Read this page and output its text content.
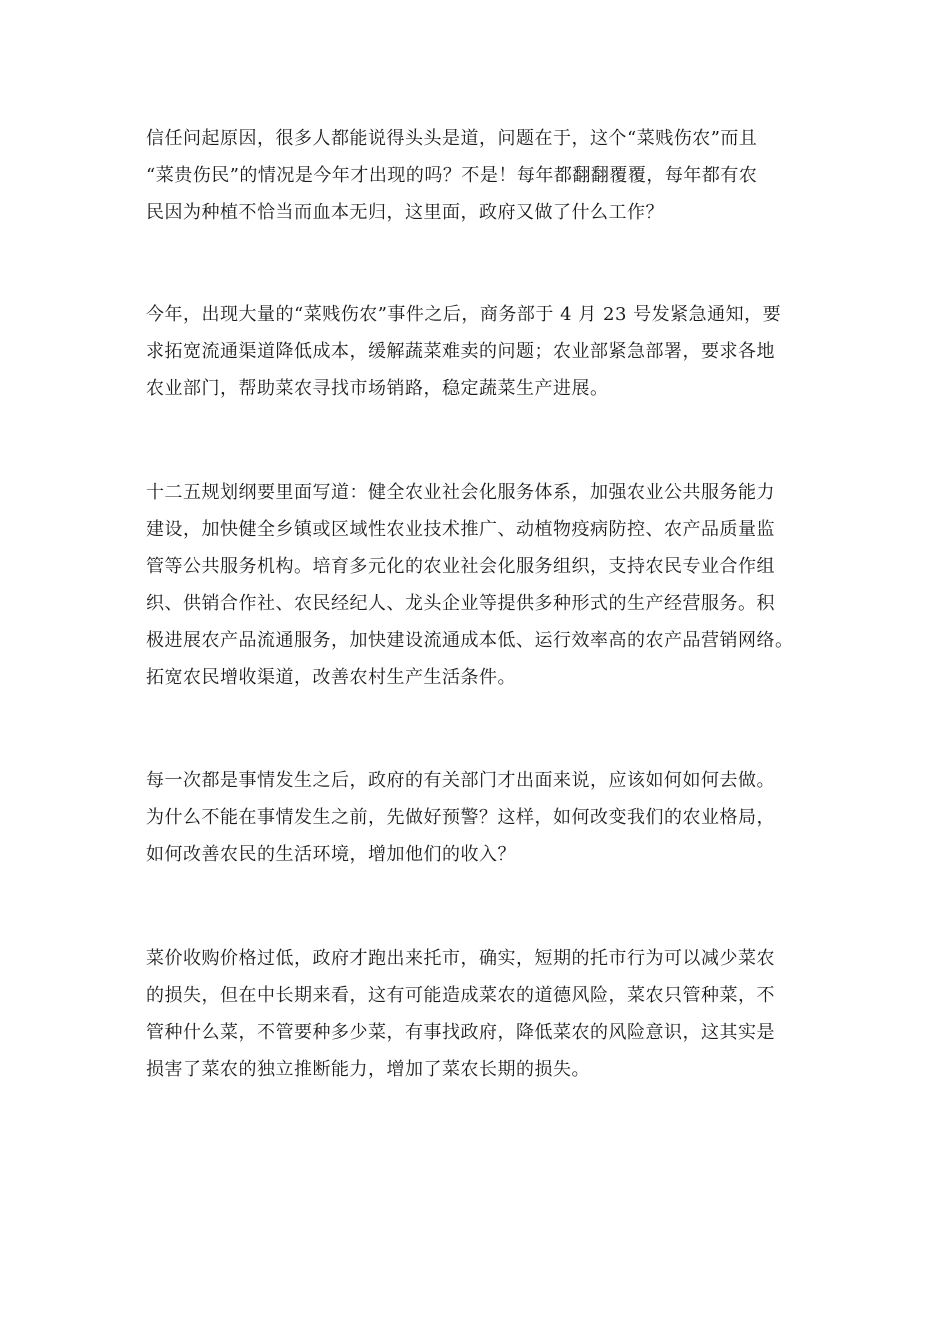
信任问起原因，很多人都能说得头头是道，问题在于，这个“菜贱伤农”而且
“菜贵伤民”的情况是今年才出现的吗？不是！每年都翻翻覆覆，每年都有农
民因为种植不恰当而血本无归，这里面，政府又做了什么工作？
今年，出现大量的“菜贱伤农”事件之后，商务部于 4 月 23 号发紧急通知，要
求拓宽流通渠道降低成本，缓解蔬菜难卖的问题；农业部紧急部署，要求各地
农业部门，帮助菜农寻找市场销路，稳定蔬菜生产进展。
十二五规划纲要里面写道：健全农业社会化服务体系，加强农业公共服务能力
建设，加快健全乡镇或区域性农业技术推广、动植物疫病防控、农产品质量监
管等公共服务机构。培育多元化的农业社会化服务组织，支持农民专业合作组
织、供销合作社、农民经纪人、龙头企业等提供多种形式的生产经营服务。积
极进展农产品流通服务，加快建设流通成本低、运行效率高的农产品营销网络。
拓宽农民增收渠道，改善农村生产生活条件。
每一次都是事情发生之后，政府的有关部门才出面来说，应该如何如何去做。
为什么不能在事情发生之前，先做好预警？这样，如何改变我们的农业格局，
如何改善农民的生活环境，增加他们的收入？
菜价收购价格过低，政府才跑出来托市，确实，短期的托市行为可以减少菜农
的损失，但在中长期来看，这有可能造成菜农的道德风险，菜农只管种菜，不
管种什么菜，不管要种多少菜，有事找政府，降低菜农的风险意识，这其实是
损害了菜农的独立推断能力，增加了菜农长期的损失。
